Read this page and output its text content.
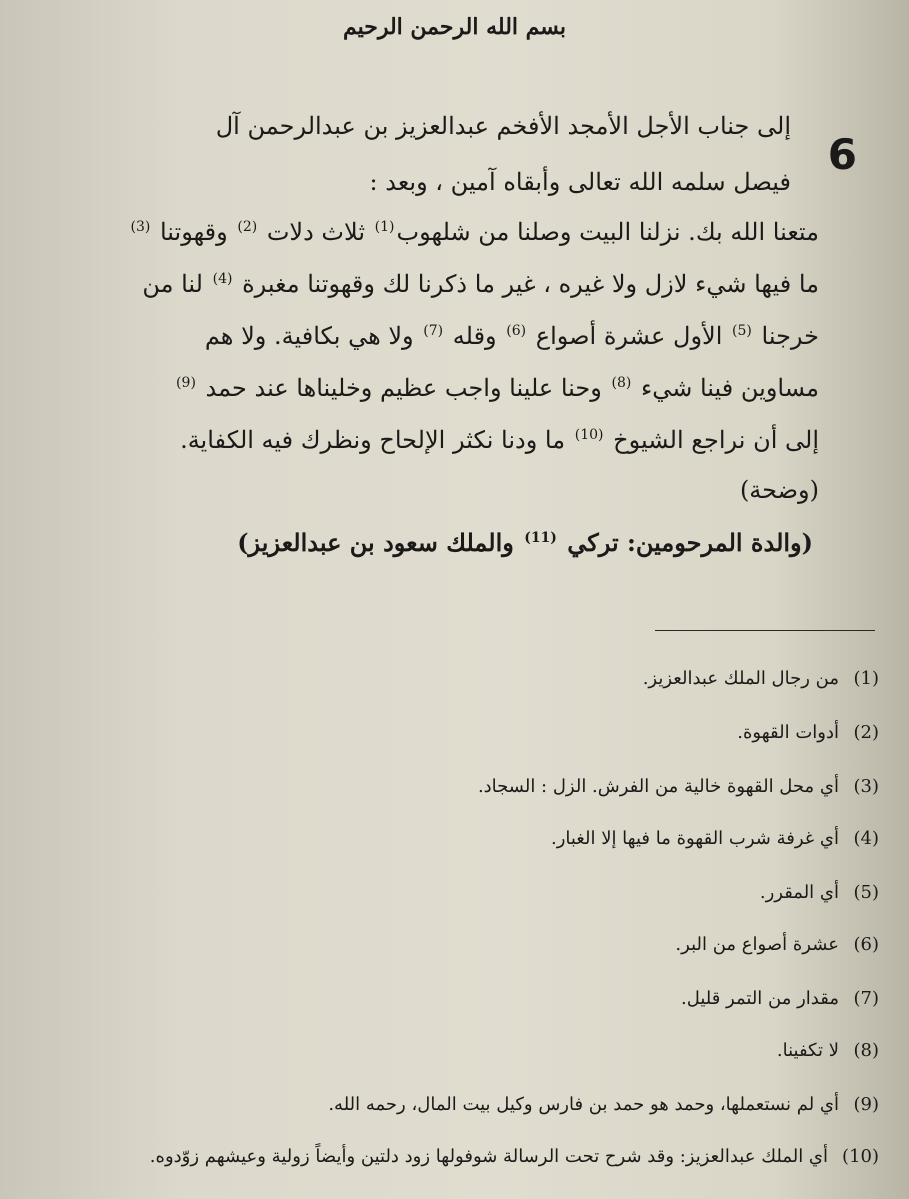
بسم الله الرحمن الرحيم
6
إلى جناب الأجل الأمجد الأفخم عبدالعزيز بن عبدالرحمن آل
فيصل سلمه الله تعالى وأبقاه آمين ، وبعد :
متعنا الله بك. نزلنا البيت وصلنا من شلهوب$^{(1)}$ ثلاث دلات $^{(2)}$ وقهوتنا $^{(3)}$
ما فيها شيء لازل ولا غيره ، غير ما ذكرنا لك وقهوتنا مغبرة $^{(4)}$ لنا من
خرجنا $^{(5)}$ الأول عشرة أصواع $^{(6)}$ وقله $^{(7)}$ ولا هي بكافية. ولا هم
مساوين فينا شيء $^{(8)}$ وحنا علينا واجب عظيم وخليناها عند حمد $^{(9)}$
إلى أن نراجع الشيوخ $^{(10)}$ ما ودنا نكثر الإلحاح ونظرك فيه الكفاية.
(وضحة)
(والدة المرحومين: تركي $^{(11)}$ والملك سعود بن عبدالعزيز)
(1)
من رجال الملك عبدالعزيز.
(2)
أدوات القهوة.
(3)
أي محل القهوة خالية من الفرش. الزل : السجاد.
(4)
أي غرفة شرب القهوة ما فيها إلا الغبار.
(5)
أي المقرر.
(6)
عشرة أصواع من البر.
(7)
مقدار من التمر قليل.
(8)
لا تكفينا.
(9)
أي لم نستعملها، وحمد هو حمد بن فارس وكيل بيت المال، رحمه الله.
(10)
أي الملك عبدالعزيز: وقد شرح تحت الرسالة شوفولها زود دلتين وأيضاً زولية وعيشهم زوّدوه.
